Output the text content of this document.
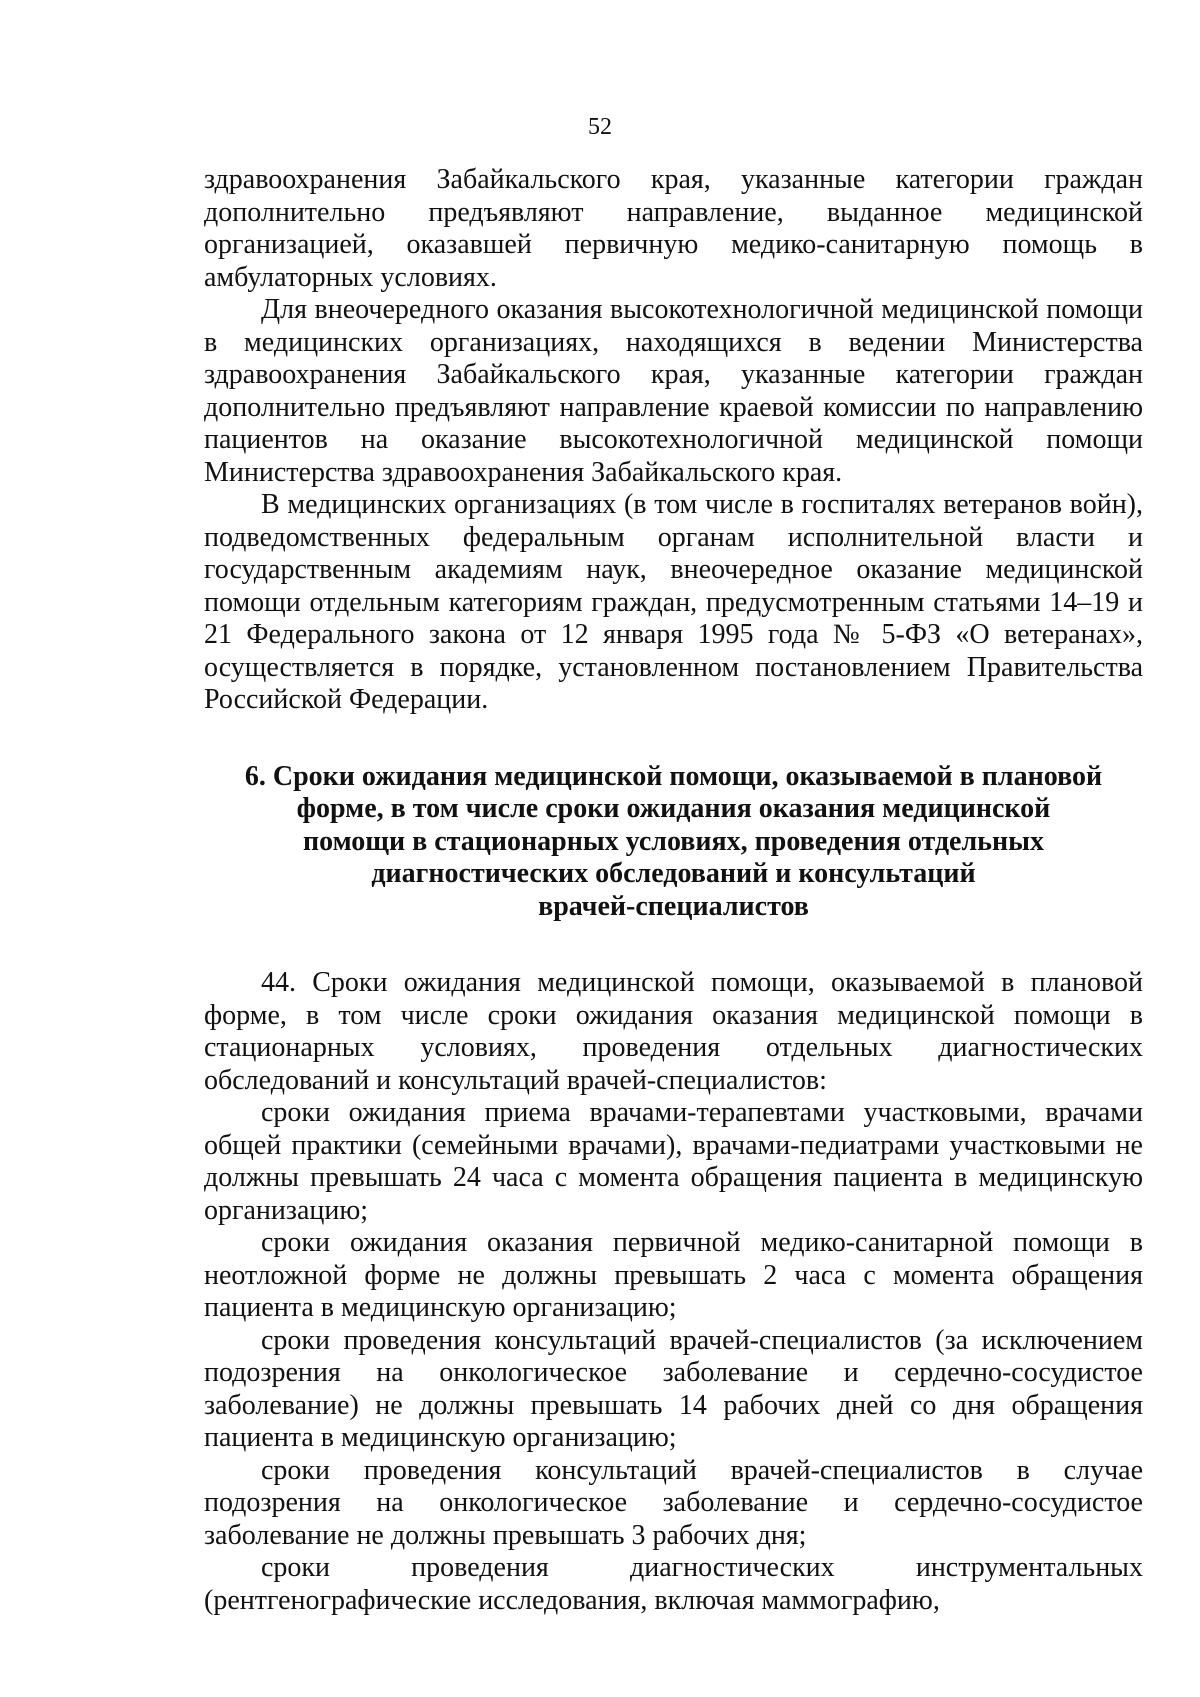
52

здравоохранения Забайкальского края, указанные категории граждан дополнительно предъявляют направление, выданное медицинской организацией, оказавшей первичную медико-санитарную помощь в амбулаторных условиях.

Для внеочередного оказания высокотехнологичной медицинской помощи в медицинских организациях, находящихся в ведении Министерства здравоохранения Забайкальского края, указанные категории граждан дополнительно предъявляют направление краевой комиссии по направлению пациентов на оказание высокотехнологичной медицинской помощи Министерства здравоохранения Забайкальского края.

В медицинских организациях (в том числе в госпиталях ветеранов войн), подведомственных федеральным органам исполнительной власти и государственным академиям наук, внеочередное оказание медицинской помощи отдельным категориям граждан, предусмотренным статьями 14–19 и 21 Федерального закона от 12 января 1995 года № 5-ФЗ «О ветеранах», осуществляется в порядке, установленном постановлением Правительства Российской Федерации.

6. Сроки ожидания медицинской помощи, оказываемой в плановой
форме, в том числе сроки ожидания оказания медицинской
помощи в стационарных условиях, проведения отдельных
диагностических обследований и консультаций
врачей-специалистов

44. Сроки ожидания медицинской помощи, оказываемой в плановой форме, в том числе сроки ожидания оказания медицинской помощи в стационарных условиях, проведения отдельных диагностических обследований и консультаций врачей-специалистов:

сроки ожидания приема врачами-терапевтами участковыми, врачами общей практики (семейными врачами), врачами-педиатрами участковыми не должны превышать 24 часа с момента обращения пациента в медицинскую организацию;

сроки ожидания оказания первичной медико-санитарной помощи в неотложной форме не должны превышать 2 часа с момента обращения пациента в медицинскую организацию;

сроки проведения консультаций врачей-специалистов (за исключением подозрения на онкологическое заболевание и сердечно-сосудистое заболевание) не должны превышать 14 рабочих дней со дня обращения пациента в медицинскую организацию;

сроки проведения консультаций врачей-специалистов в случае подозрения на онкологическое заболевание и сердечно-сосудистое заболевание не должны превышать 3 рабочих дня;

сроки проведения диагностических инструментальных (рентгенографические исследования, включая маммографию,
